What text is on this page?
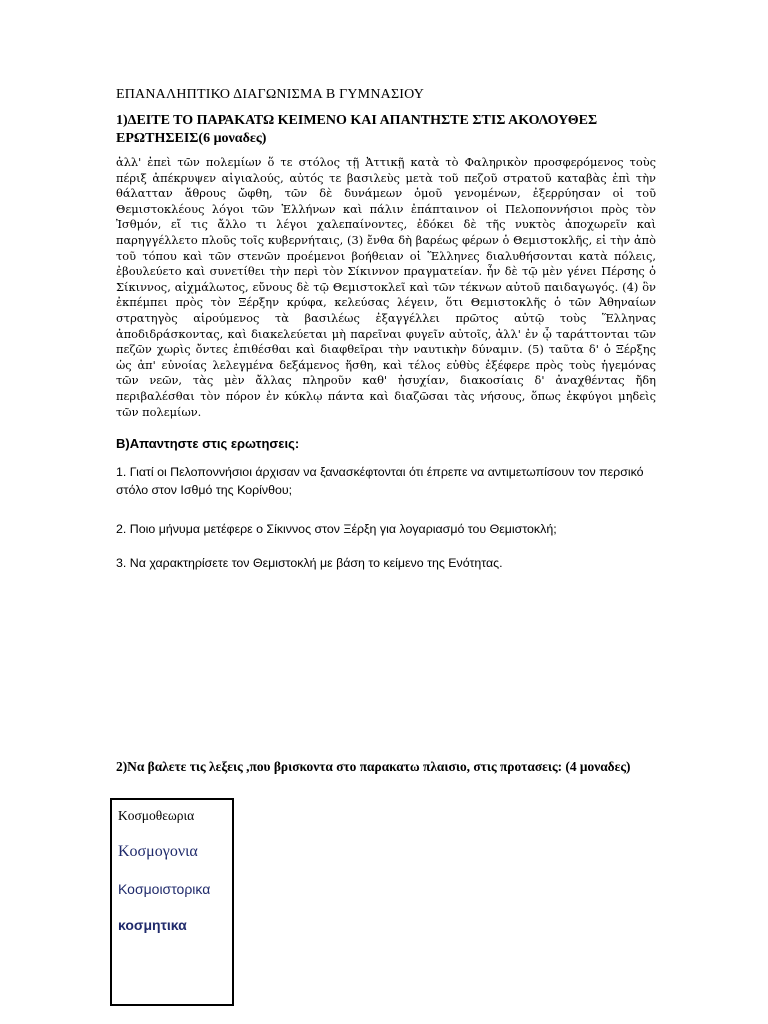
ΕΠΑΝΑΛΗΠΤΙΚΟ ΔΙΑΓΩΝΙΣΜΑ Β ΓΥΜΝΑΣΙΟΥ
1)ΔΕΙΤΕ ΤΟ ΠΑΡΑΚΑΤΩ ΚΕΙΜΕΝΟ ΚΑΙ ΑΠΑΝΤΗΣΤΕ ΣΤΙΣ ΑΚΟΛΟΥΘΕΣ ΕΡΩΤΗΣΕΙΣ(6 μοναδες)
ἀλλ' ἐπεὶ τῶν πολεμίων ὅ τε στόλος τῇ Ἀττικῇ κατὰ τὸ Φαληρικὸν προσφερόμενος τοὺς πέριξ ἀπέκρυψεν αἰγιαλούς, αὐτός τε βασιλεὺς μετὰ τοῦ πεζοῦ στρατοῦ καταβὰς ἐπὶ τὴν θάλατταν ἄθρους ὤφθη, τῶν δὲ δυνάμεων ὁμοῦ γενομένων, ἐξερρύησαν οἱ τοῦ Θεμιστοκλέους λόγοι τῶν Ἑλλήνων καὶ πάλιν ἐπάπταινον οἱ Πελοποννήσιοι πρὸς τὸν Ἰσθμόν, εἴ τις ἄλλο τι λέγοι χαλεπαίνοντες, ἐδόκει δὲ τῆς νυκτὸς ἀποχωρεῖν καὶ παρηγγέλλετο πλοῦς τοῖς κυβερνήταις, (3) ἔνθα δὴ βαρέως φέρων ὁ Θεμιστοκλῆς, εἰ τὴν ἀπὸ τοῦ τόπου καὶ τῶν στενῶν προέμενοι βοήθειαν οἱ Ἕλληνες διαλυθήσονται κατὰ πόλεις, ἐβουλεύετο καὶ συνετίθει τὴν περὶ τὸν Σίκιννον πραγματείαν. ἦν δὲ τῷ μὲν γένει Πέρσης ὁ Σίκιννος, αἰχμάλωτος, εὔνους δὲ τῷ Θεμιστοκλεῖ καὶ τῶν τέκνων αὐτοῦ παιδαγωγός. (4) ὃν ἐκπέμπει πρὸς τὸν Ξέρξην κρύφα, κελεύσας λέγειν, ὅτι Θεμιστοκλῆς ὁ τῶν Ἀθηναίων στρατηγὸς αἱρούμενος τὰ βασιλέως ἐξαγγέλλει πρῶτος αὐτῷ τοὺς Ἕλληνας ἀποδιδράσκοντας, καὶ διακελεύεται μὴ παρεῖναι φυγεῖν αὐτοῖς, ἀλλ' ἐν ᾧ ταράττονται τῶν πεζῶν χωρὶς ὄντες ἐπιθέσθαι καὶ διαφθεῖραι τὴν ναυτικὴν δύναμιν. (5) ταῦτα δ' ὁ Ξέρξης ὡς ἀπ' εὐνοίας λελεγμένα δεξάμενος ἥσθη, καὶ τέλος εὐθὺς ἐξέφερε πρὸς τοὺς ἡγεμόνας τῶν νεῶν, τὰς μὲν ἄλλας πληροῦν καθ' ἡσυχίαν, διακοσίαις δ' ἀναχθέντας ἤδη περιβαλέσθαι τὸν πόρον ἐν κύκλῳ πάντα καὶ διαζῶσαι τὰς νήσους, ὅπως ἐκφύγοι μηδεὶς τῶν πολεμίων.
Β)Απαντηστε στις ερωτησεις:
1. Γιατί οι Πελοποννήσιοι άρχισαν να ξανασκέφτονται ότι έπρεπε να αντιμετωπίσουν τον περσικό στόλο στον Ισθμό της Κορίνθου;
2. Ποιο μήνυμα μετέφερε ο Σίκιννος στον Ξέρξη για λογαριασμό του Θεμιστοκλή;
3. Να χαρακτηρίσετε τον Θεμιστοκλή με βάση το κείμενο της Ενότητας.
2)Να βαλετε τις λεξεις ,που βρισκοντα στο παρακατω πλαισιο, στις προτασεις: (4 μοναδες)
Κοσμοθεωρια
Κοσμογονια
Κοσμοιστορικα
κοσμητικα
